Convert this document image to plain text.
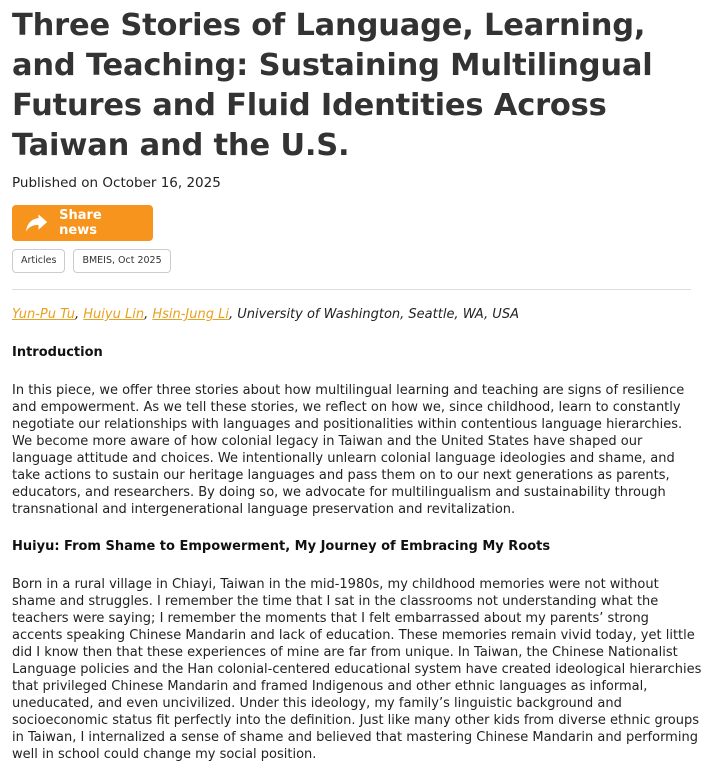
Three Stories of Language, Learning, and Teaching: Sustaining Multilingual Futures and Fluid Identities Across Taiwan and the U.S.
Published on October 16, 2025
Share news
Articles	BMEIS, Oct 2025
Yun-Pu Tu, Huiyu Lin, Hsin-Jung Li, University of Washington, Seattle, WA, USA
Introduction
In this piece, we offer three stories about how multilingual learning and teaching are signs of resilience and empowerment. As we tell these stories, we reflect on how we, since childhood, learn to constantly negotiate our relationships with languages and positionalities within contentious language hierarchies. We become more aware of how colonial legacy in Taiwan and the United States have shaped our language attitude and choices. We intentionally unlearn colonial language ideologies and shame, and take actions to sustain our heritage languages and pass them on to our next generations as parents, educators, and researchers. By doing so, we advocate for multilingualism and sustainability through transnational and intergenerational language preservation and revitalization.
Huiyu: From Shame to Empowerment, My Journey of Embracing My Roots
Born in a rural village in Chiayi, Taiwan in the mid-1980s, my childhood memories were not without shame and struggles. I remember the time that I sat in the classrooms not understanding what the teachers were saying; I remember the moments that I felt embarrassed about my parents’ strong accents speaking Chinese Mandarin and lack of education. These memories remain vivid today, yet little did I know then that these experiences of mine are far from unique. In Taiwan, the Chinese Nationalist Language policies and the Han colonial-centered educational system have created ideological hierarchies that privileged Chinese Mandarin and framed Indigenous and other ethnic languages as informal, uneducated, and even uncivilized. Under this ideology, my family’s linguistic background and socioeconomic status fit perfectly into the definition. Just like many other kids from diverse ethnic groups in Taiwan, I internalized a sense of shame and believed that mastering Chinese Mandarin and performing well in school could change my social position.
